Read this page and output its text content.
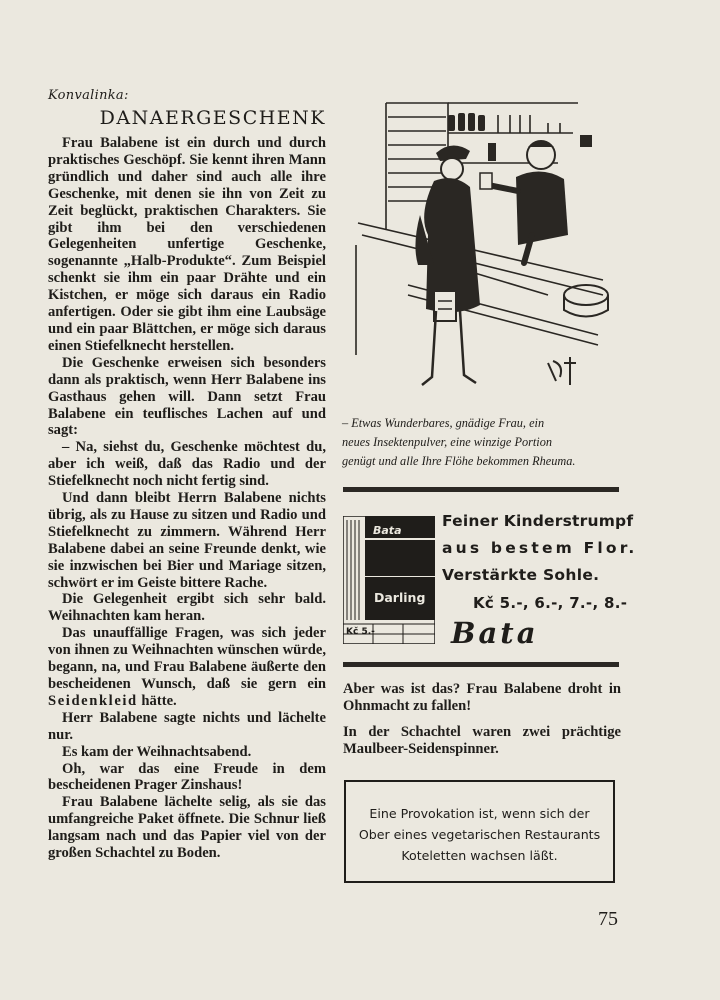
Konvalinka:

DANAERGESCHENK

Frau Balabene ist ein durch und durch praktisches Geschöpf. Sie kennt ihren Mann gründlich und daher sind auch alle ihre Geschenke, mit denen sie ihn von Zeit zu Zeit beglückt, praktischen Charakters. Sie gibt ihm bei den verschiedenen Gelegenheiten unfertige Geschenke, sogenannte „Halb-Produkte“. Zum Beispiel schenkt sie ihm ein paar Drähte und ein Kistchen, er möge sich daraus ein Radio anfertigen. Oder sie gibt ihm eine Laubsäge und ein paar Blättchen, er möge sich daraus einen Stiefelknecht herstellen.

Die Geschenke erweisen sich besonders dann als praktisch, wenn Herr Balabene ins Gasthaus gehen will. Dann setzt Frau Balabene ein teuflisches Lachen auf und sagt:

– Na, siehst du, Geschenke möchtest du, aber ich weiß, daß das Radio und der Stiefelknecht noch nicht fertig sind.

Und dann bleibt Herrn Balabene nichts übrig, als zu Hause zu sitzen und Radio und Stiefelknecht zu zimmern. Während Herr Balabene dabei an seine Freunde denkt, wie sie inzwischen bei Bier und Mariage sitzen, schwört er im Geiste bittere Rache.

Die Gelegenheit ergibt sich sehr bald. Weihnachten kam heran.

Das unauffällige Fragen, was sich jeder von ihnen zu Weihnachten wünschen würde, begann, na, und Frau Balabene äußerte den bescheidenen Wunsch, daß sie gern ein Seidenkleid hätte.

Herr Balabene sagte nichts und lächelte nur.

Es kam der Weihnachtsabend.

Oh, war das eine Freude in dem bescheidenen Prager Zinshaus!

Frau Balabene lächelte selig, als sie das umfangreiche Paket öffnete. Die Schnur ließ langsam nach und das Papier viel von der großen Schachtel zu Boden.

– Etwas Wunderbares, gnädige Frau, ein

neues Insektenpulver, eine winzige Portion

genügt und alle Ihre Flöhe bekommen Rheuma.

Bata
Darling
Kč 5.-
Feiner Kinderstrumpf
aus bestem Flor.
Verstärkte Sohle.
Kč 5.-, 6.-, 7.-, 8.-
Bata

Aber was ist das? Frau Balabene droht in Ohnmacht zu fallen!

In der Schachtel waren zwei prächtige Maulbeer-Seidenspinner.

Eine Provokation ist, wenn sich der
Ober eines vegetarischen Restaurants
Koteletten wachsen läßt.
75
